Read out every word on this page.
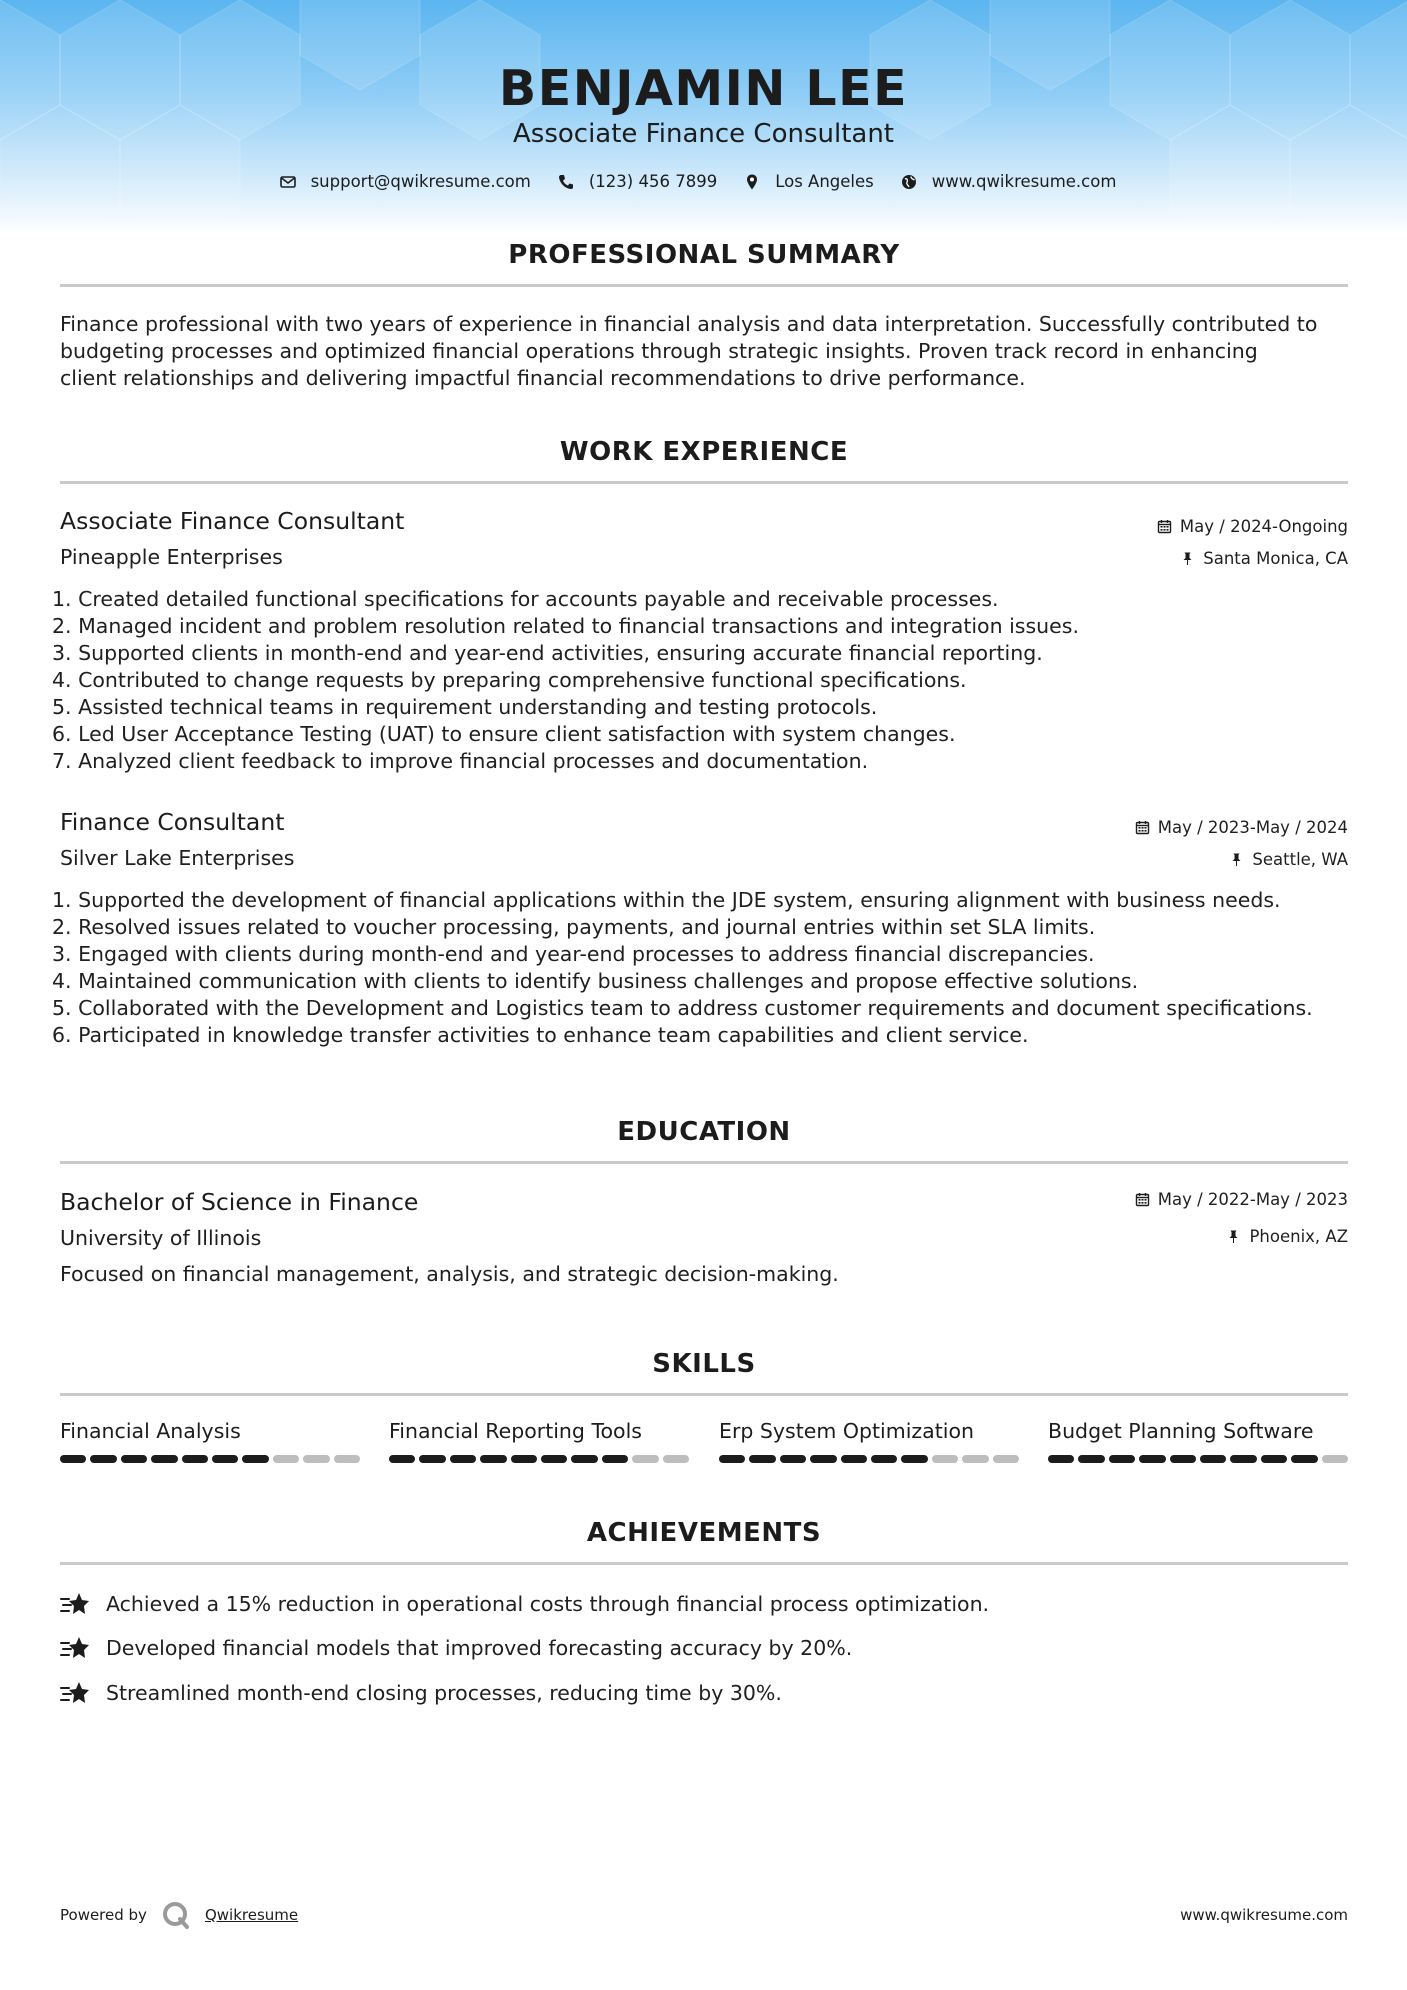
BENJAMIN LEE
Associate Finance Consultant
support@qwikresume.com	(123) 456 7899	Los Angeles	www.qwikresume.com
PROFESSIONAL SUMMARY
Finance professional with two years of experience in financial analysis and data interpretation. Successfully contributed to
budgeting processes and optimized financial operations through strategic insights. Proven track record in enhancing
client relationships and delivering impactful financial recommendations to drive performance.
WORK EXPERIENCE
Associate Finance Consultant	May / 2024-Ongoing
Pineapple Enterprises	Santa Monica, CA
1. Created detailed functional specifications for accounts payable and receivable processes.
2. Managed incident and problem resolution related to financial transactions and integration issues.
3. Supported clients in month-end and year-end activities, ensuring accurate financial reporting.
4. Contributed to change requests by preparing comprehensive functional specifications.
5. Assisted technical teams in requirement understanding and testing protocols.
6. Led User Acceptance Testing (UAT) to ensure client satisfaction with system changes.
7. Analyzed client feedback to improve financial processes and documentation.
Finance Consultant	May / 2023-May / 2024
Silver Lake Enterprises	Seattle, WA
1. Supported the development of financial applications within the JDE system, ensuring alignment with business needs.
2. Resolved issues related to voucher processing, payments, and journal entries within set SLA limits.
3. Engaged with clients during month-end and year-end processes to address financial discrepancies.
4. Maintained communication with clients to identify business challenges and propose effective solutions.
5. Collaborated with the Development and Logistics team to address customer requirements and document specifications.
6. Participated in knowledge transfer activities to enhance team capabilities and client service.
EDUCATION
Bachelor of Science in Finance	May / 2022-May / 2023
University of Illinois	Phoenix, AZ
Focused on financial management, analysis, and strategic decision-making.
SKILLS
Financial Analysis	Financial Reporting Tools	Erp System Optimization	Budget Planning Software
ACHIEVEMENTS
Achieved a 15% reduction in operational costs through financial process optimization.
Developed financial models that improved forecasting accuracy by 20%.
Streamlined month-end closing processes, reducing time by 30%.
Powered by	Qwikresume	www.qwikresume.com
